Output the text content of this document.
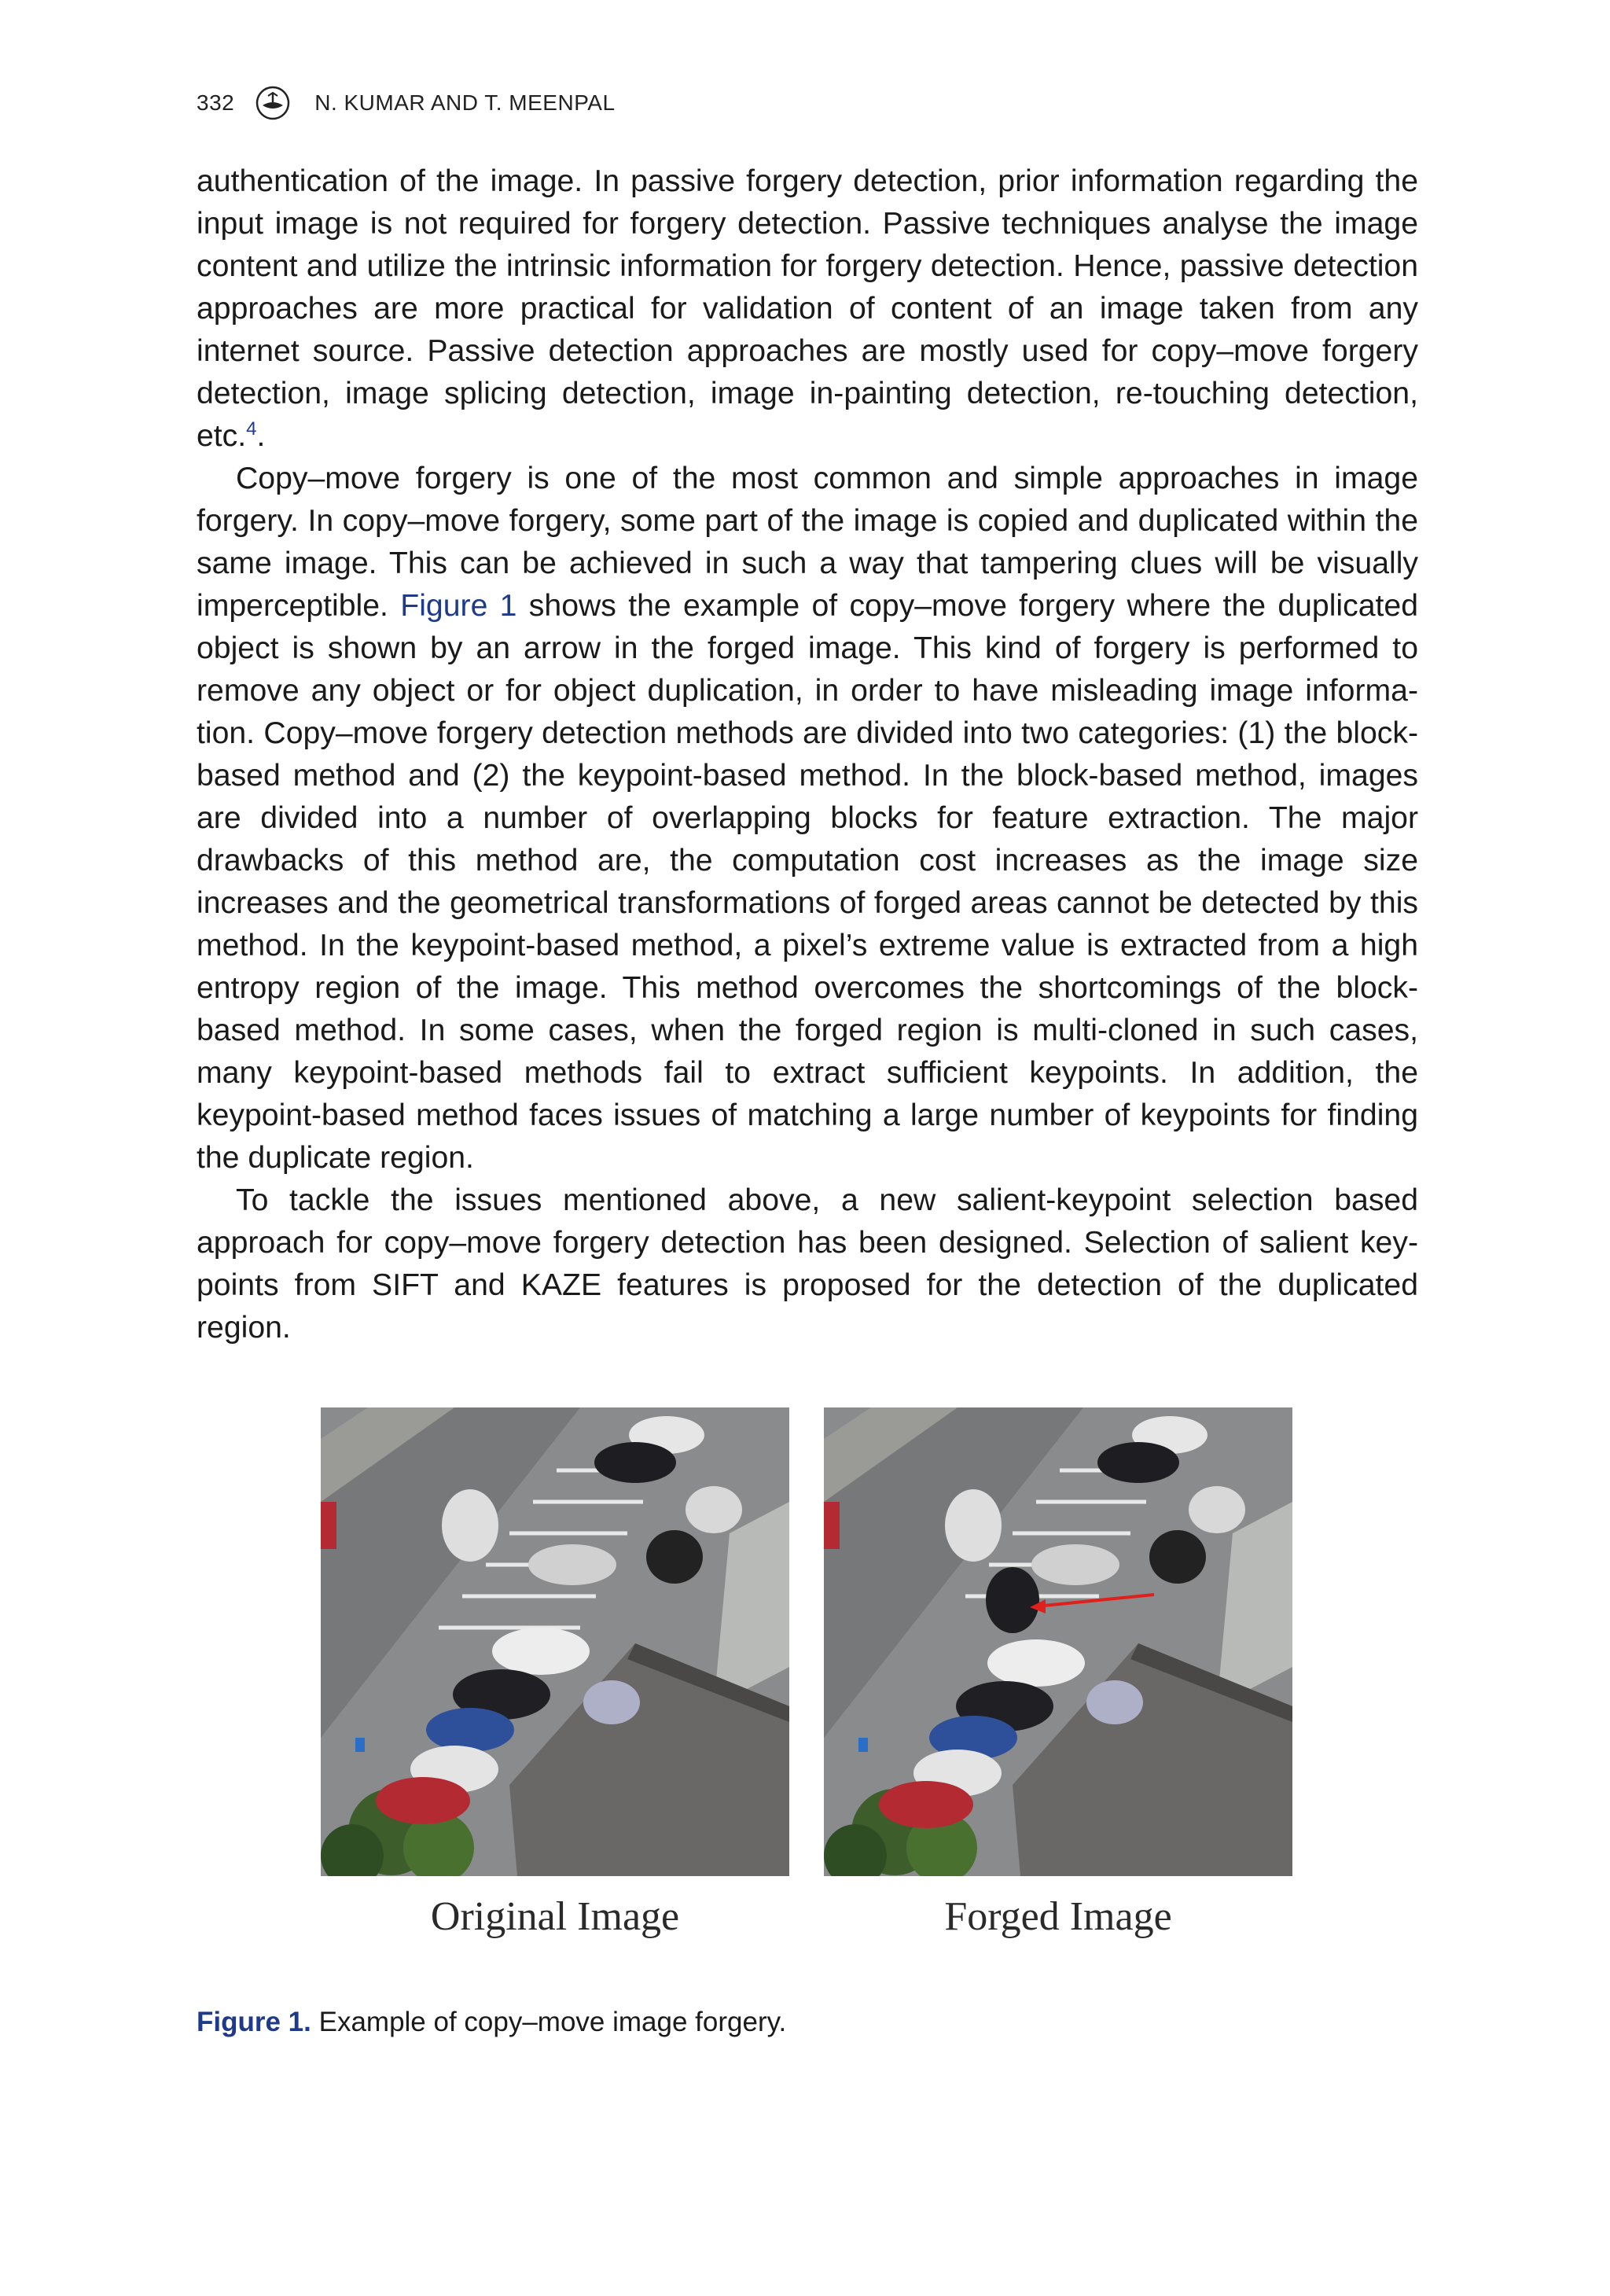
332	N. KUMAR AND T. MEENPAL

authentication of the image. In passive forgery detection, prior information regarding the input image is not required for forgery detection. Passive techniques analyse the image content and utilize the intrinsic information for forgery detection. Hence, passive detection approaches are more practical for validation of content of an image taken from any internet source. Passive detection approaches are mostly used for copy–move forgery detection, image splicing detection, image in-painting detection, re-touching detection, etc.$^4$.

Copy–move forgery is one of the most common and simple approaches in image forgery. In copy–move forgery, some part of the image is copied and duplicated within the same image. This can be achieved in such a way that tampering clues will be visually imperceptible. Figure 1 shows the example of copy–move forgery where the duplicated object is shown by an arrow in the forged image. This kind of forgery is performed to remove any object or for object duplication, in order to have misleading image information. Copy–move forgery detection methods are divided into two categories: (1) the block-based method and (2) the keypoint-based method. In the block-based method, images are divided into a number of overlapping blocks for feature extraction. The major drawbacks of this method are, the computation cost increases as the image size increases and the geometrical transformations of forged areas cannot be detected by this method. In the keypoint-based method, a pixel’s extreme value is extracted from a high entropy region of the image. This method overcomes the shortcomings of the block-based method. In some cases, when the forged region is multi-cloned in such cases, many keypoint-based methods fail to extract sufficient keypoints. In addition, the keypoint-based method faces issues of matching a large number of keypoints for finding the duplicate region.

To tackle the issues mentioned above, a new salient-keypoint selection based approach for copy–move forgery detection has been designed. Selection of salient keypoints from SIFT and KAZE features is proposed for the detection of the duplicated region.

Original Image	Forged Image
Figure 1. Example of copy–move image forgery.
